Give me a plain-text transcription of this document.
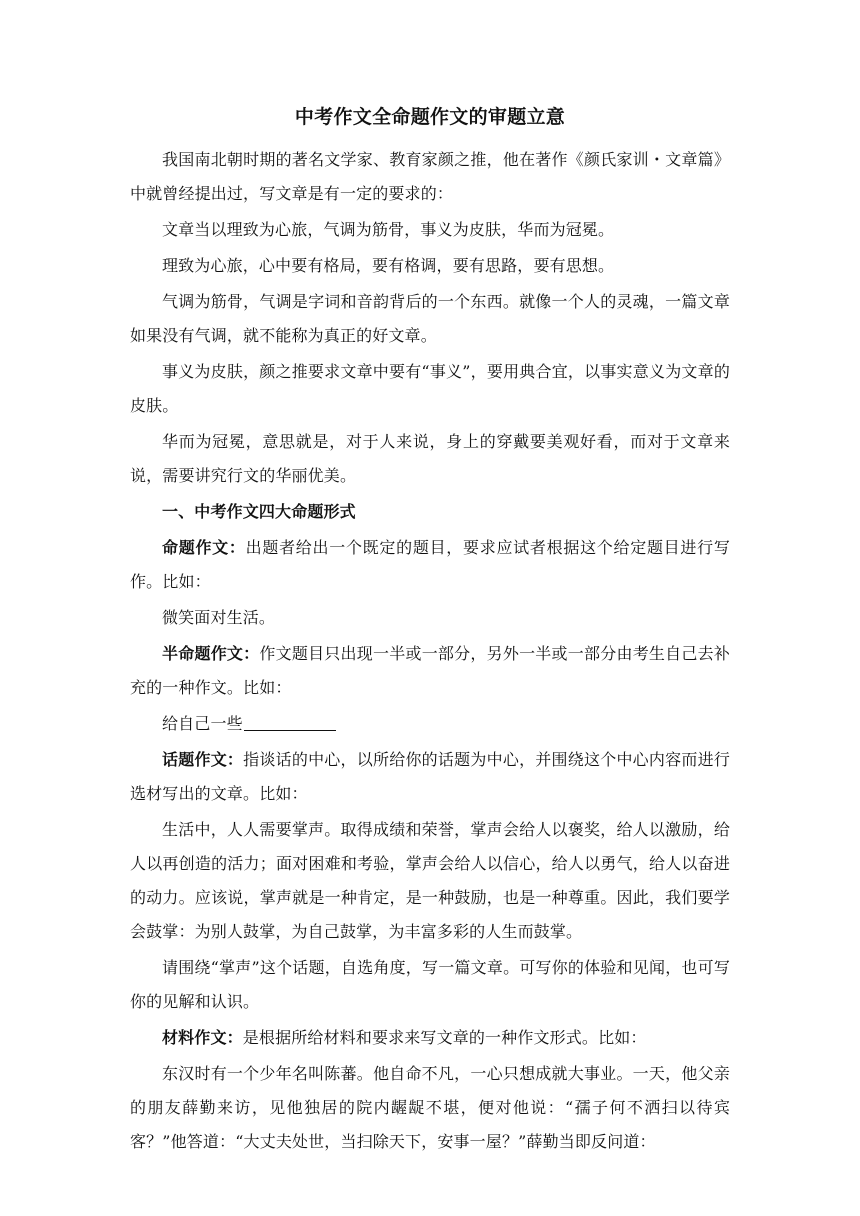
中考作文全命题作文的审题立意

我国南北朝时期的著名文学家、教育家颜之推，他在著作《颜氏家训・文章篇》中就曾经提出过，写文章是有一定的要求的：

文章当以理致为心旅，气调为筋骨，事义为皮肤，华而为冠冕。

理致为心旅，心中要有格局，要有格调，要有思路，要有思想。

气调为筋骨，气调是字词和音韵背后的一个东西。就像一个人的灵魂，一篇文章如果没有气调，就不能称为真正的好文章。

事义为皮肤，颜之推要求文章中要有“事义”，要用典合宜，以事实意义为文章的皮肤。

华而为冠冕，意思就是，对于人来说，身上的穿戴要美观好看，而对于文章来说，需要讲究行文的华丽优美。

一、中考作文四大命题形式

命题作文：出题者给出一个既定的题目，要求应试者根据这个给定题目进行写作。比如：

微笑面对生活。

半命题作文：作文题目只出现一半或一部分，另外一半或一部分由考生自己去补充的一种作文。比如：

给自己一些

话题作文：指谈话的中心，以所给你的话题为中心，并围绕这个中心内容而进行选材写出的文章。比如：

生活中，人人需要掌声。取得成绩和荣誉，掌声会给人以褒奖，给人以激励，给人以再创造的活力；面对困难和考验，掌声会给人以信心，给人以勇气，给人以奋进的动力。应该说，掌声就是一种肯定，是一种鼓励，也是一种尊重。因此，我们要学会鼓掌：为别人鼓掌，为自己鼓掌，为丰富多彩的人生而鼓掌。

请围绕“掌声”这个话题，自选角度，写一篇文章。可写你的体验和见闻，也可写你的见解和认识。

材料作文：是根据所给材料和要求来写文章的一种作文形式。比如：

东汉时有一个少年名叫陈蕃。他自命不凡，一心只想成就大事业。一天，他父亲的朋友薛勤来访，见他独居的院内龌龊不堪，便对他说：“孺子何不洒扫以待宾客？”他答道：“大丈夫处世，当扫除天下，安事一屋？”薛勤当即反问道：
